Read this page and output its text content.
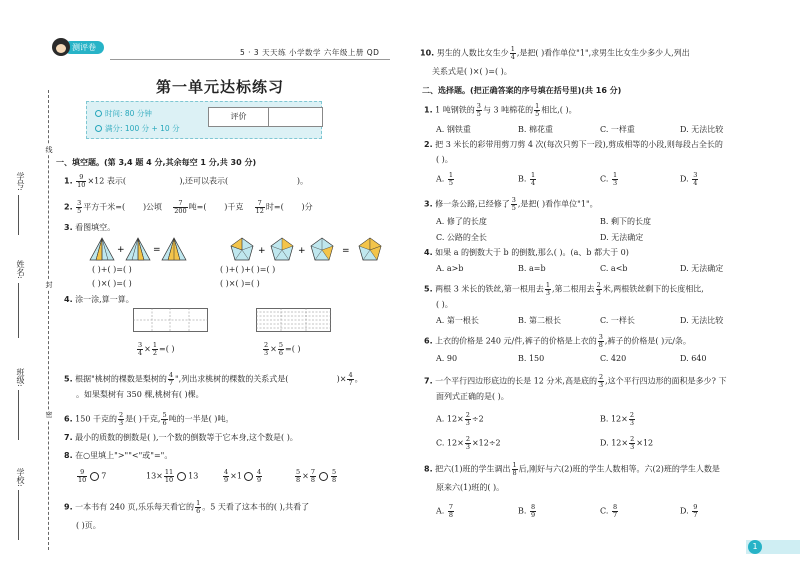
线
封
密
学号:
姓名:
班级:
学校:
测评卷
5 · 3 天天练 小学数学 六年级上册 QD
第一单元达标练习
时间: 80 分钟
满分: 100 分 + 10 分
评价
一、填空题。(第 3,4 题 4 分,其余每空 1 分,共 30 分)
1. $\frac{9}{10} \times 12$ 表示(	),还可以表示(	)。
2. $\frac{3}{5}$ 平方千米=( )公顷 $\frac{7}{200}$ 吨=( )千克 $\frac{7}{12}$ 时=( )分
3. 看图填空。
+	=	+	+	=
( )+( )=( )
( )×( )=( )
( )+( )+( )=( )
( )×( )=( )
4. 涂一涂,算一算。
$\frac{3}{4} \times \frac{1}{2}$ =( )	$\frac{2}{3} \times \frac{5}{6}$ =( )
5. 根据"桃树的棵数是梨树的 $\frac{4}{7}$ ",列出求桃树的棵数的关系式是(	)× $\frac{4}{7}$ 。
。如果梨树有 350 棵,桃树有( )棵。
6. 150 千克的 $\frac{2}{3}$ 是( )千克, $\frac{5}{6}$ 吨的一半是( )吨。
7. 最小的质数的倒数是( ),一个数的倒数等于它本身,这个数是( )。
8. 在○里填上">""<"或"="。
$\frac{9}{10} 7$	$13\times \frac{11}{10} 13$	$\frac{4}{9} \times 1 \frac{4}{9}$	$\frac{5}{8} \times \frac{7}{8} \frac{5}{8}$
9. 一本书有 240 页,乐乐每天看它的 $\frac{1}{6}$ 。5 天看了这本书的( ),共看了
( )页。
10. 男生的人数比女生少 $\frac{1}{4}$ ,是把( )看作单位"1",求男生比女生少多少人,列出
关系式是( )×( )=( )。
二、选择题。(把正确答案的序号填在括号里)(共 16 分)
1. 1 吨钢铁的 $\frac{3}{5}$ 与 3 吨棉花的 $\frac{1}{5}$ 相比,( )。
A. 钢铁重	B. 棉花重	C. 一样重	D. 无法比较
2. 把 3 米长的彩带用剪刀剪 4 次(每次只剪下一段),剪成相等的小段,则每段占全长的
( )。
A. $\frac{1}{5}$	B. $\frac{1}{4}$	C. $\frac{1}{3}$	D. $\frac{3}{4}$
3. 修一条公路,已经修了 $\frac{3}{5}$ ,是把( )看作单位"1"。
A. 修了的长度	B. 剩下的长度
C. 公路的全长	D. 无法确定
4. 如果 a 的倒数大于 b 的倒数,那么( )。(a、b 都大于 0)
A. a>b	B. a=b	C. a<b	D. 无法确定
5. 两根 3 米长的铁丝,第一根用去 $\frac{1}{3}$ ,第二根用去 $\frac{2}{3}$ 米,两根铁丝剩下的长度相比,
( )。
A. 第一根长	B. 第二根长	C. 一样长	D. 无法比较
6. 上衣的价格是 240 元/件,裤子的价格是上衣的 $\frac{3}{8}$ ,裤子的价格是( )元/条。
A. 90	B. 150	C. 420	D. 640
7. 一个平行四边形底边的长是 12 分米,高是底的 $\frac{2}{3}$ ,这个平行四边形的面积是多少? 下
面列式正确的是( )。
A. $12\times \frac{2}{3} \div 2$	B. $12\times \frac{2}{3}$
C. $12\times \frac{2}{3} \times 12\div 2$	D. $12\times \frac{2}{3} \times 12$
8. 把六(1)班的学生调出 $\frac{1}{8}$ 后,刚好与六(2)班的学生人数相等。六(2)班的学生人数是
原来六(1)班的( )。
A. $\frac{7}{8}$	B. $\frac{8}{9}$	C. $\frac{8}{7}$	D. $\frac{9}{7}$
1
